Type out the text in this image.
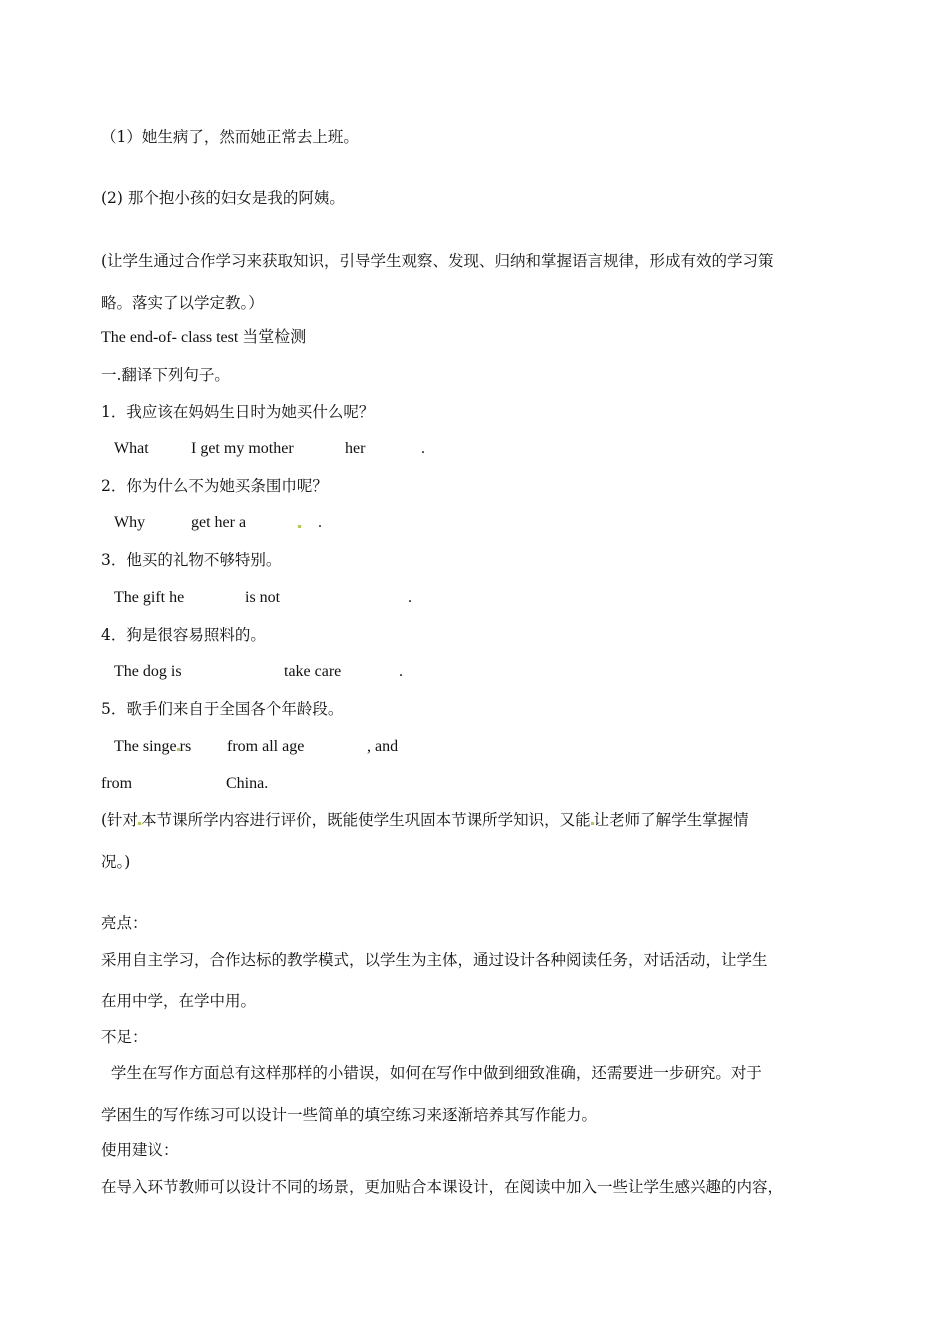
（1）她生病了，然而她正常去上班。
(2) 那个抱小孩的妇女是我的阿姨。
(让学生通过合作学习来获取知识，引导学生观察、发现、归纳和掌握语言规律，形成有效的学习策
略。落实了以学定教。）
The end-of- class test 当堂检测
一.翻译下列句子。
1．我应该在妈妈生日时为她买什么呢？
What	I get my mother	her	.
2．你为什么不为她买条围巾呢？
Why	get her a	.
3．他买的礼物不够特别。
The gift he	is not	.
4．狗是很容易照料的。
The dog is	take care	.
5．歌手们来自于全国各个年龄段。
The singe rs from all age	, and
from	China.
(针对 本节课所学内容进行评价，既能使学生巩固本节课所学知识，又能 让老师了解学生掌握情
况。)
亮点：
采用自主学习，合作达标的教学模式，以学生为主体，通过设计各种阅读任务，对话活动，让学生
在用中学，在学中用。
不足：
学生在写作方面总有这样那样的小错误，如何在写作中做到细致准确，还需要进一步研究。对于
学困生的写作练习可以设计一些简单的填空练习来逐渐培养其写作能力。
使用建议：
在导入环节教师可以设计不同的场景，更加贴合本课设计，在阅读中加入一些让学生感兴趣的内容，
